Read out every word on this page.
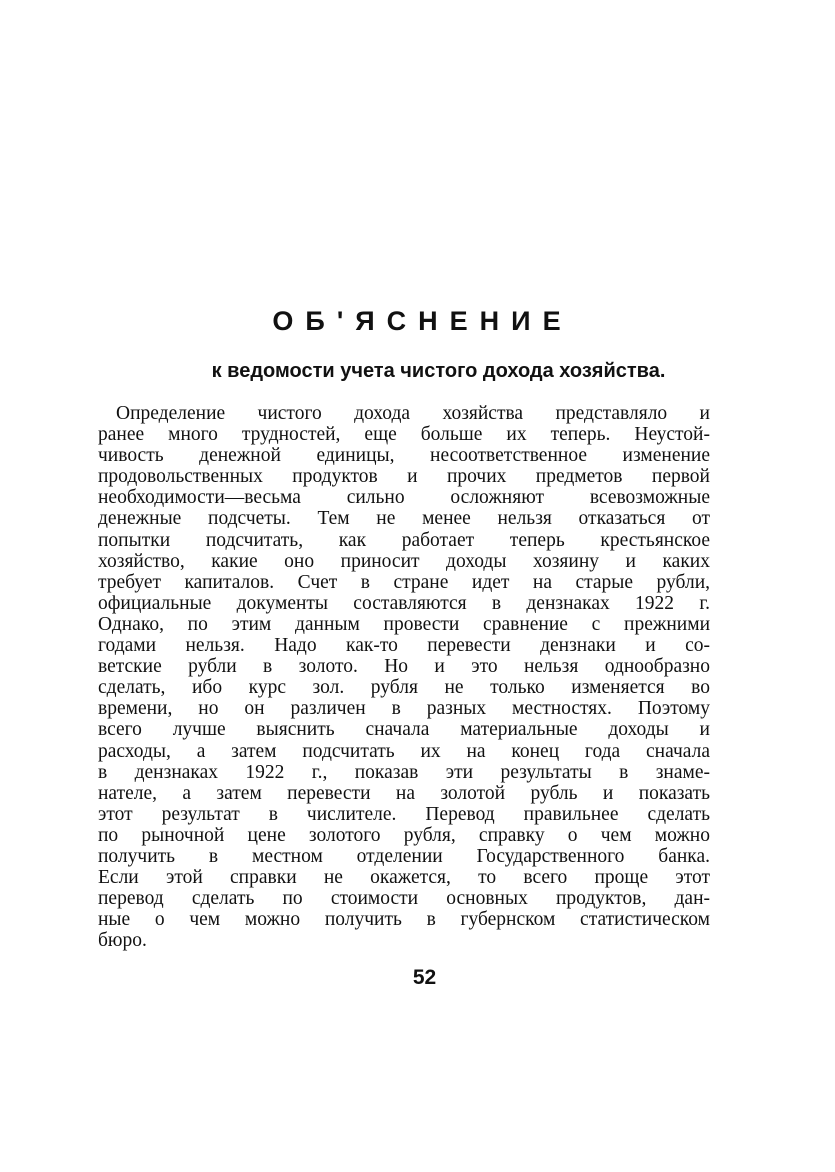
ОБ'ЯСНЕНИЕ
к ведомости учета чистого дохода хозяйства.
Определение чистого дохода хозяйства представляло и
ранее много трудностей, еще больше их теперь. Неустой-
чивость денежной единицы, несоответственное изменение
продовольственных продуктов и прочих предметов первой
необходимости—весьма сильно осложняют всевозможные
денежные подсчеты. Тем не менее нельзя отказаться от
попытки подсчитать, как работает теперь крестьянское
хозяйство, какие оно приносит доходы хозяину и каких
требует капиталов. Счет в стране идет на старые рубли,
официальные документы составляются в дензнаках 1922 г.
Однако, по этим данным провести сравнение с прежними
годами нельзя. Надо как-то перевести дензнаки и со-
ветские рубли в золото. Но и это нельзя однообразно
сделать, ибо курс зол. рубля не только изменяется во
времени, но он различен в разных местностях. Поэтому
всего лучше выяснить сначала материальные доходы и
расходы, а затем подсчитать их на конец года сначала
в дензнаках 1922 г., показав эти результаты в знаме-
нателе, а затем перевести на золотой рубль и показать
этот результат в числителе. Перевод правильнее сделать
по рыночной цене золотого рубля, справку о чем можно
получить в местном отделении Государственного банка.
Если этой справки не окажется, то всего проще этот
перевод сделать по стоимости основных продуктов, дан-
ные о чем можно получить в губернском статистическом
бюро.
52
